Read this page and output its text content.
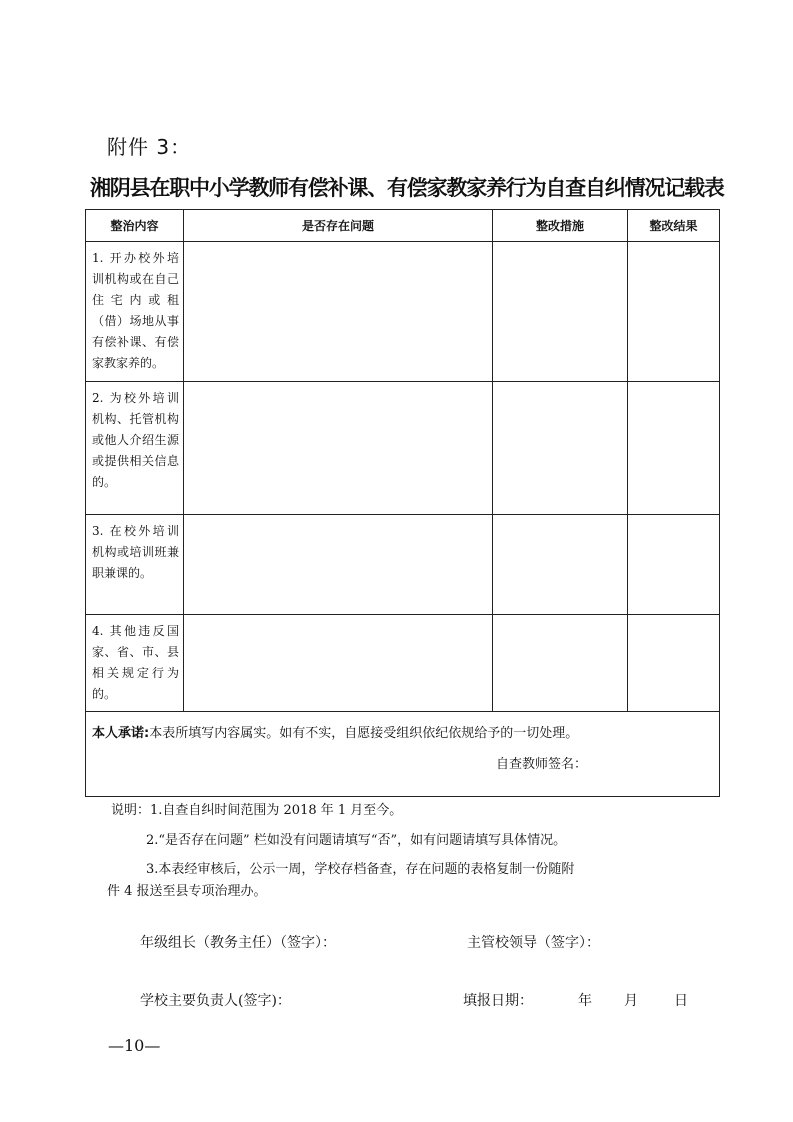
附件 3：
湘阴县在职中小学教师有偿补课、有偿家教家养行为自查自纠情况记载表
整治内容	是否存在问题	整改措施	整改结果
1. 开办校外培训机构或在自己住宅内或租（借）场地从事有偿补课、有偿家教家养的。			
2. 为校外培训机构、托管机构或他人介绍生源或提供相关信息的。			
3. 在校外培训机构或培训班兼职兼课的。			
4. 其他违反国家、省、市、县相关规定行为的。			

本人承诺:本表所填写内容属实。如有不实，自愿接受组织依纪依规给予的一切处理。
自查教师签名：			
说明：1.自查自纠时间范围为 2018 年 1 月至今。
2.“是否存在问题” 栏如没有问题请填写“否”，如有问题请填写具体情况。
3.本表经审核后，公示一周，学校存档备查，存在问题的表格复制一份随附
件 4 报送至县专项治理办。
年级组长（教务主任）（签字）：	主管校领导（签字）：
学校主要负责人(签字)：	填报日期：	年 月	日
—10—
